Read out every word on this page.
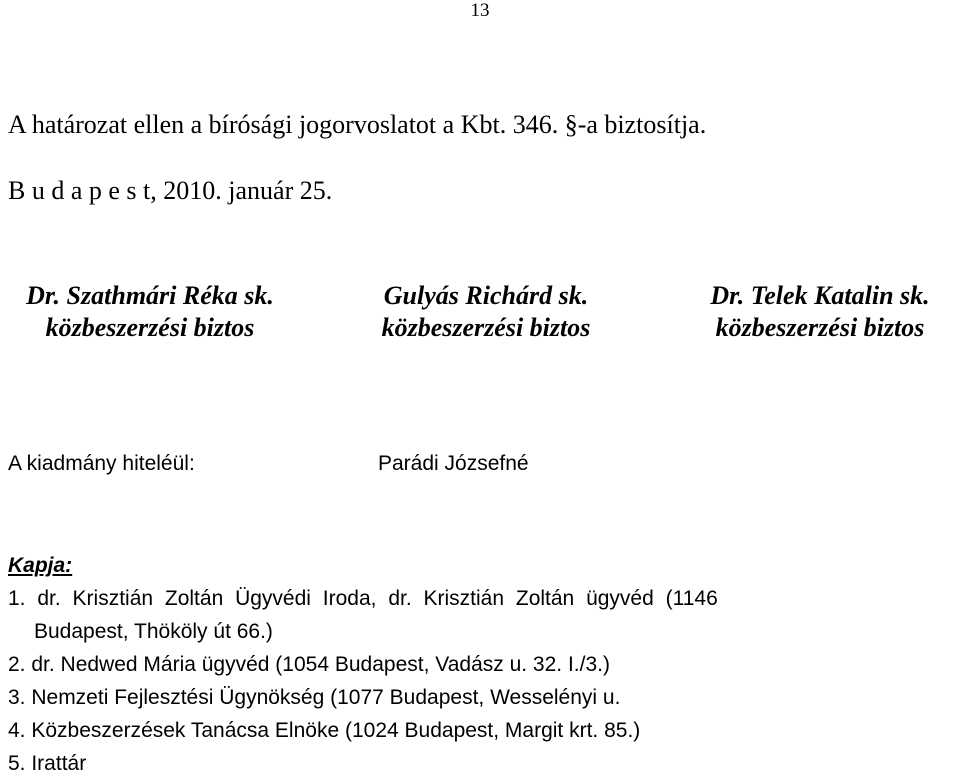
13
A határozat ellen a bírósági jogorvoslatot a Kbt. 346. §-a biztosítja.
B u d a p e s t, 2010. január 25.
Dr. Szathmári Réka sk.
közbeszerzési biztos
Gulyás Richárd sk.
közbeszerzési biztos
Dr. Telek Katalin sk.
közbeszerzési biztos
A kiadmány hiteléül:	Parádi Józsefné
Kapja:
1. dr. Krisztián Zoltán Ügyvédi Iroda, dr. Krisztián Zoltán ügyvéd (1146
Budapest, Thököly út 66.)
2. dr. Nedwed Mária ügyvéd (1054 Budapest, Vadász u. 32. I./3.)
3. Nemzeti Fejlesztési Ügynökség (1077 Budapest, Wesselényi u.
4. Közbeszerzések Tanácsa Elnöke (1024 Budapest, Margit krt. 85.)
5. Irattár
